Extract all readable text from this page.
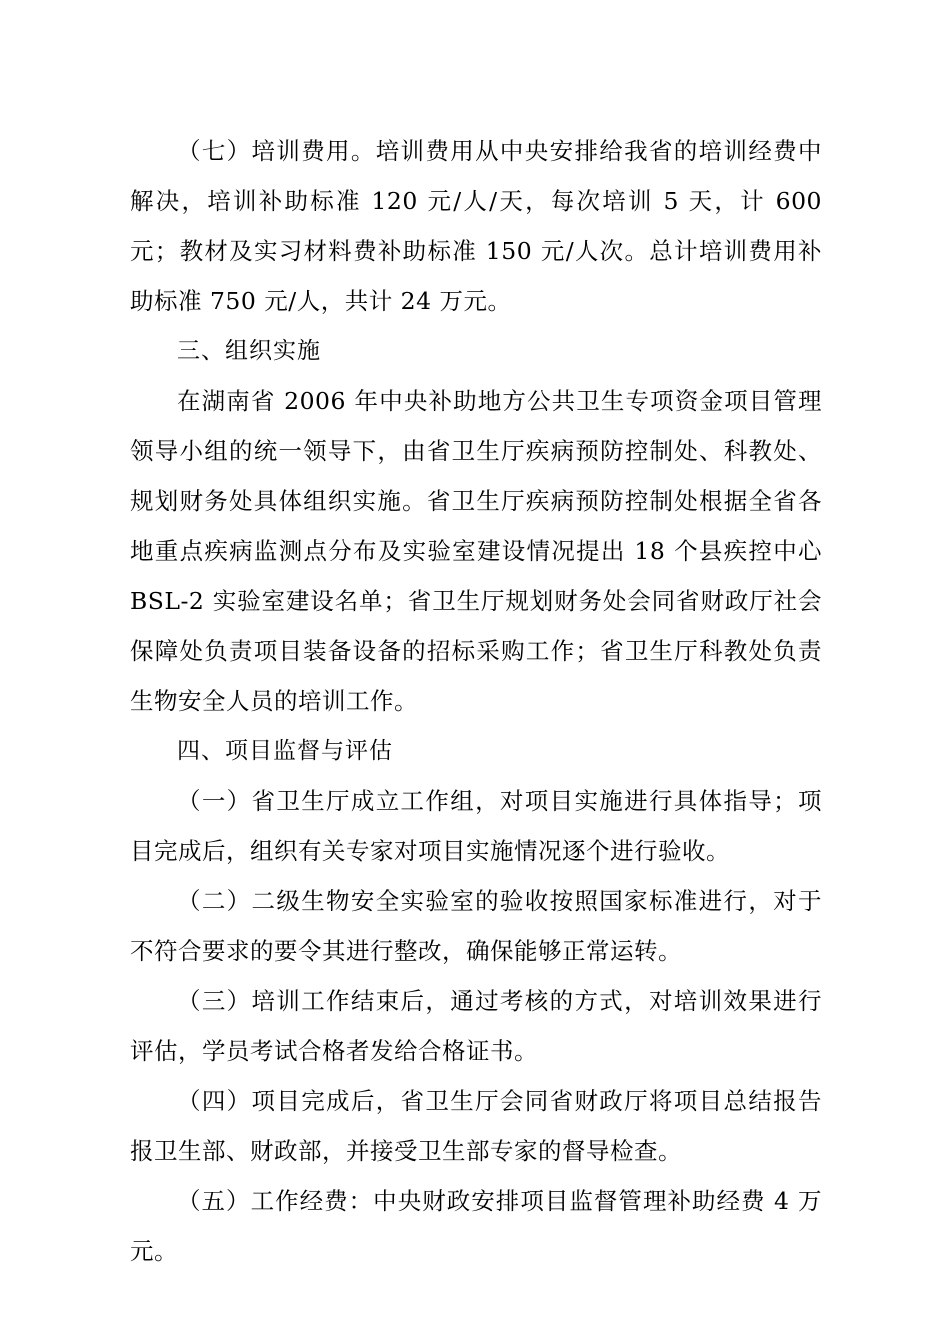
（七）培训费用。培训费用从中央安排给我省的培训经费中解决，培训补助标准 120 元/人/天，每次培训 5 天，计 600 元；教材及实习材料费补助标准 150 元/人次。总计培训费用补助标准 750 元/人，共计 24 万元。

三、组织实施

在湖南省 2006 年中央补助地方公共卫生专项资金项目管理领导小组的统一领导下，由省卫生厅疾病预防控制处、科教处、规划财务处具体组织实施。省卫生厅疾病预防控制处根据全省各地重点疾病监测点分布及实验室建设情况提出 18 个县疾控中心 BSL-2 实验室建设名单；省卫生厅规划财务处会同省财政厅社会保障处负责项目装备设备的招标采购工作；省卫生厅科教处负责生物安全人员的培训工作。

四、项目监督与评估

（一）省卫生厅成立工作组，对项目实施进行具体指导；项目完成后，组织有关专家对项目实施情况逐个进行验收。

（二）二级生物安全实验室的验收按照国家标准进行，对于不符合要求的要令其进行整改，确保能够正常运转。

（三）培训工作结束后，通过考核的方式，对培训效果进行评估，学员考试合格者发给合格证书。

（四）项目完成后，省卫生厅会同省财政厅将项目总结报告报卫生部、财政部，并接受卫生部专家的督导检查。

（五）工作经费：中央财政安排项目监督管理补助经费 4 万元。
